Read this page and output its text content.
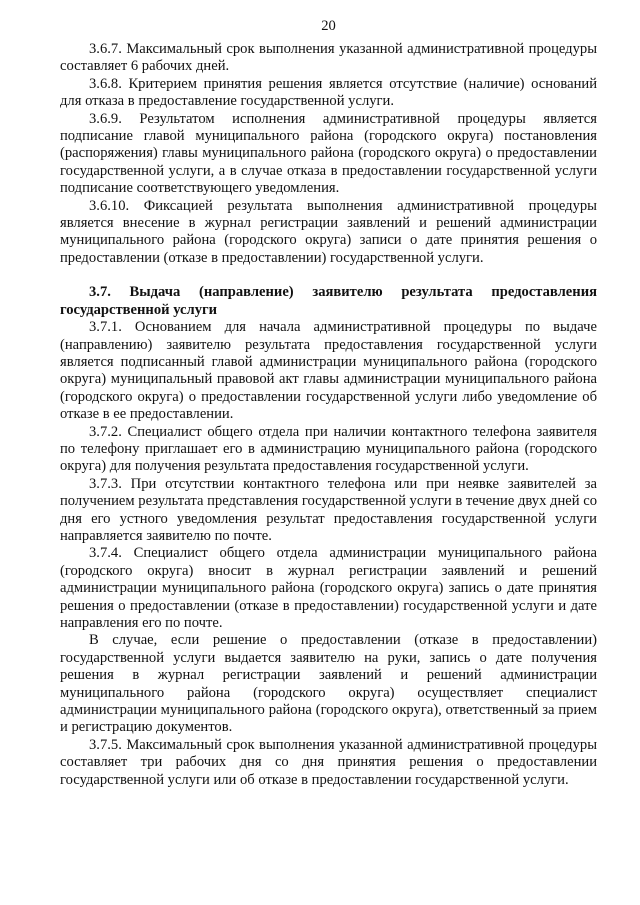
20

3.6.7. Максимальный срок выполнения указанной административной процедуры составляет 6 рабочих дней.

3.6.8. Критерием принятия решения является отсутствие (наличие) оснований для отказа в предоставление государственной услуги.

3.6.9. Результатом исполнения административной процедуры является подписание главой муниципального района (городского округа) постановления (распоряжения) главы муниципального района (городского округа) о предоставлении государственной услуги, а в случае отказа в предоставлении государственной услуги подписание соответствующего уведомления.

3.6.10. Фиксацией результата выполнения административной процедуры является внесение в журнал регистрации заявлений и решений администрации муниципального района (городского округа) записи о дате принятия решения о предоставлении (отказе в предоставлении) государственной услуги.

3.7. Выдача (направление) заявителю результата предоставления государственной услуги

3.7.1. Основанием для начала административной процедуры по выдаче (направлению) заявителю результата предоставления государственной услуги является подписанный главой администрации муниципального района (городского округа) муниципальный правовой акт главы администрации муниципального района (городского округа) о предоставлении государственной услуги либо уведомление об отказе в ее предоставлении.

3.7.2. Специалист общего отдела при наличии контактного телефона заявителя по телефону приглашает его в администрацию муниципального района (городского округа) для получения результата предоставления государственной услуги.

3.7.3. При отсутствии контактного телефона или при неявке заявителей за получением результата представления государственной услуги в течение двух дней со дня его устного уведомления результат предоставления государственной услуги направляется заявителю по почте.

3.7.4. Специалист общего отдела администрации муниципального района (городского округа) вносит в журнал регистрации заявлений и решений администрации муниципального района (городского округа) запись о дате принятия решения о предоставлении (отказе в предоставлении) государственной услуги и дате направления его по почте.

В случае, если решение о предоставлении (отказе в предоставлении) государственной услуги выдается заявителю на руки, запись о дате получения решения в журнал регистрации заявлений и решений администрации муниципального района (городского округа) осуществляет специалист администрации муниципального района (городского округа), ответственный за прием и регистрацию документов.

3.7.5. Максимальный срок выполнения указанной административной процедуры составляет три рабочих дня со дня принятия решения о предоставлении государственной услуги или об отказе в предоставлении государственной услуги.
